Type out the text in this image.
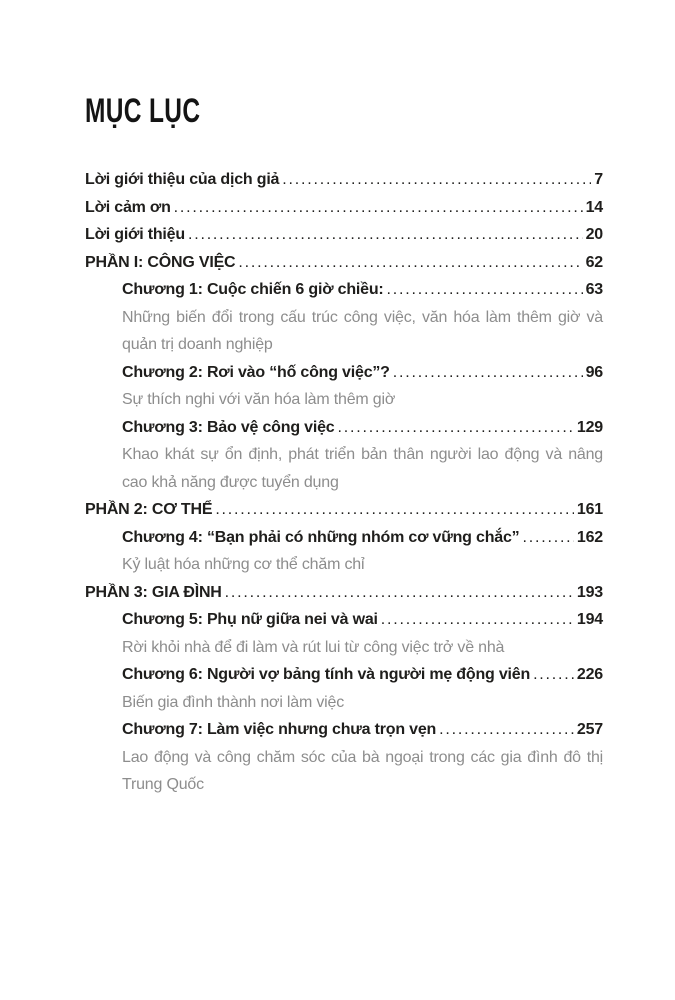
MỤC LỤC
Lời giới thiệu của dịch giả .....	7
Lời cảm ơn .....	14
Lời giới thiệu .....	20
PHẦN I: CÔNG VIỆC .....	62
Chương 1: Cuộc chiến 6 giờ chiều: .....	63
Những biến đổi trong cấu trúc công việc, văn hóa làm thêm giờ và quản trị doanh nghiệp
Chương 2: Rơi vào “hố công việc”? .....	96
Sự thích nghi với văn hóa làm thêm giờ
Chương 3: Bảo vệ công việc .....	129
Khao khát sự ổn định, phát triển bản thân người lao động và nâng cao khả năng được tuyển dụng
PHẦN 2: CƠ THỂ .....	161
Chương 4: “Bạn phải có những nhóm cơ vững chắc” .....	162
Kỷ luật hóa những cơ thể chăm chỉ
PHẦN 3: GIA ĐÌNH .....	193
Chương 5: Phụ nữ giữa nei và wai .....	194
Rời khỏi nhà để đi làm và rút lui từ công việc trở về nhà
Chương 6: Người vợ bảng tính và người mẹ động viên .....	226
Biến gia đình thành nơi làm việc
Chương 7: Làm việc nhưng chưa trọn vẹn .....	257
Lao động và công chăm sóc của bà ngoại trong các gia đình đô thị Trung Quốc
